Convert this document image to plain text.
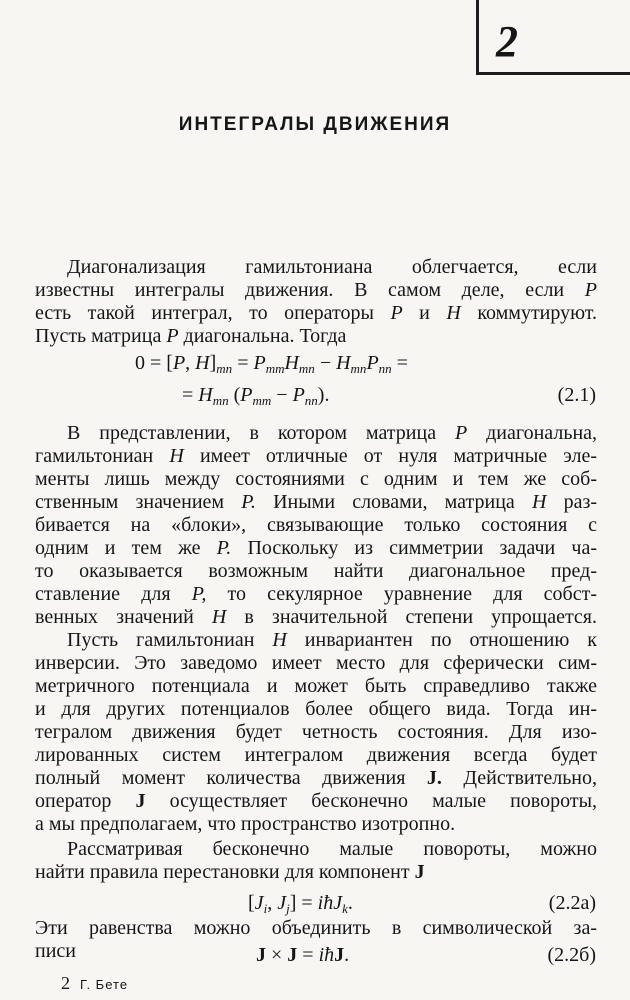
2
ИНТЕГРАЛЫ ДВИЖЕНИЯ
Диагонализация гамильтониана облегчается, если
известны интегралы движения. В самом деле, если P
есть такой интеграл, то операторы P и H коммутируют.
Пусть матрица P диагональна. Тогда
0 = [P, $H]_{mn} = P_{mm}H_{mn} - H_{mn}P_{nn}$ =
= $H_{mn}$ $(P_{mm} - P_{nn})$.	(2.1)
В представлении, в котором матрица P диагональна,
гамильтониан H имеет отличные от нуля матричные эле-
менты лишь между состояниями с одним и тем же соб-
ственным значением P. Иными словами, матрица H раз-
бивается на «блоки», связывающие только состояния с
одним и тем же P. Поскольку из симметрии задачи ча-
то оказывается возможным найти диагональное пред-
ставление для P, то секулярное уравнение для собст-
венных значений H в значительной степени упрощается.
Пусть гамильтониан H инвариантен по отношению к
инверсии. Это заведомо имеет место для сферически сим-
метричного потенциала и может быть справедливо также
и для других потенциалов более общего вида. Тогда ин-
тегралом движения будет четность состояния. Для изо-
лированных систем интегралом движения всегда будет
полный момент количества движения J. Действительно,
оператор J осуществляет бесконечно малые повороты,
а мы предполагаем, что пространство изотропно.
Рассматривая бесконечно малые повороты, можно
найти правила перестановки для компонент J
[$J_i$, $J_j$] = iħJ$_k$.	(2.2a)
Эти равенства можно объединить в символической за-
писи	J × J = iħJ.	(2.2б)
2 Г. Бете
